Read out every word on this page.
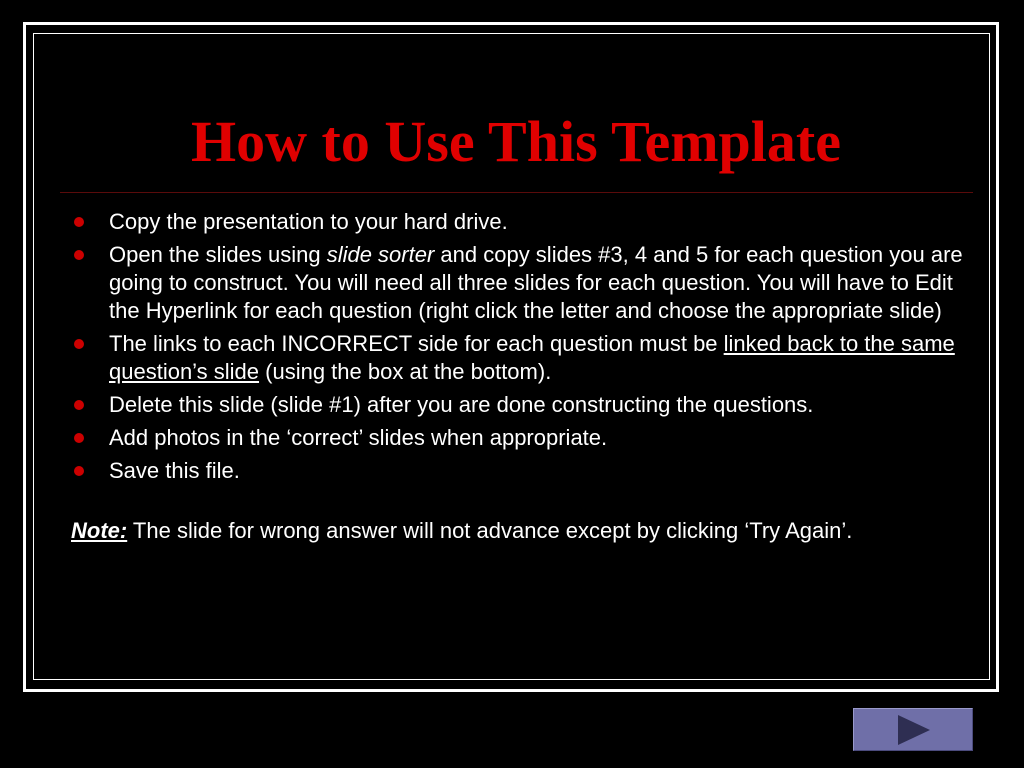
How to Use This Template
Copy the presentation to your hard drive.
Open the slides using slide sorter and copy slides #3, 4 and 5 for each question you are going to construct. You will need all three slides for each question. You will have to Edit the Hyperlink for each question (right click the letter and choose the appropriate slide)
The links to each INCORRECT side for each question must be linked back to the same question’s slide (using the box at the bottom).
Delete this slide (slide #1) after you are done constructing the questions.
Add photos in the ‘correct’ slides when appropriate.
Save this file.
Note: The slide for wrong answer will not advance except by clicking ‘Try Again’.
